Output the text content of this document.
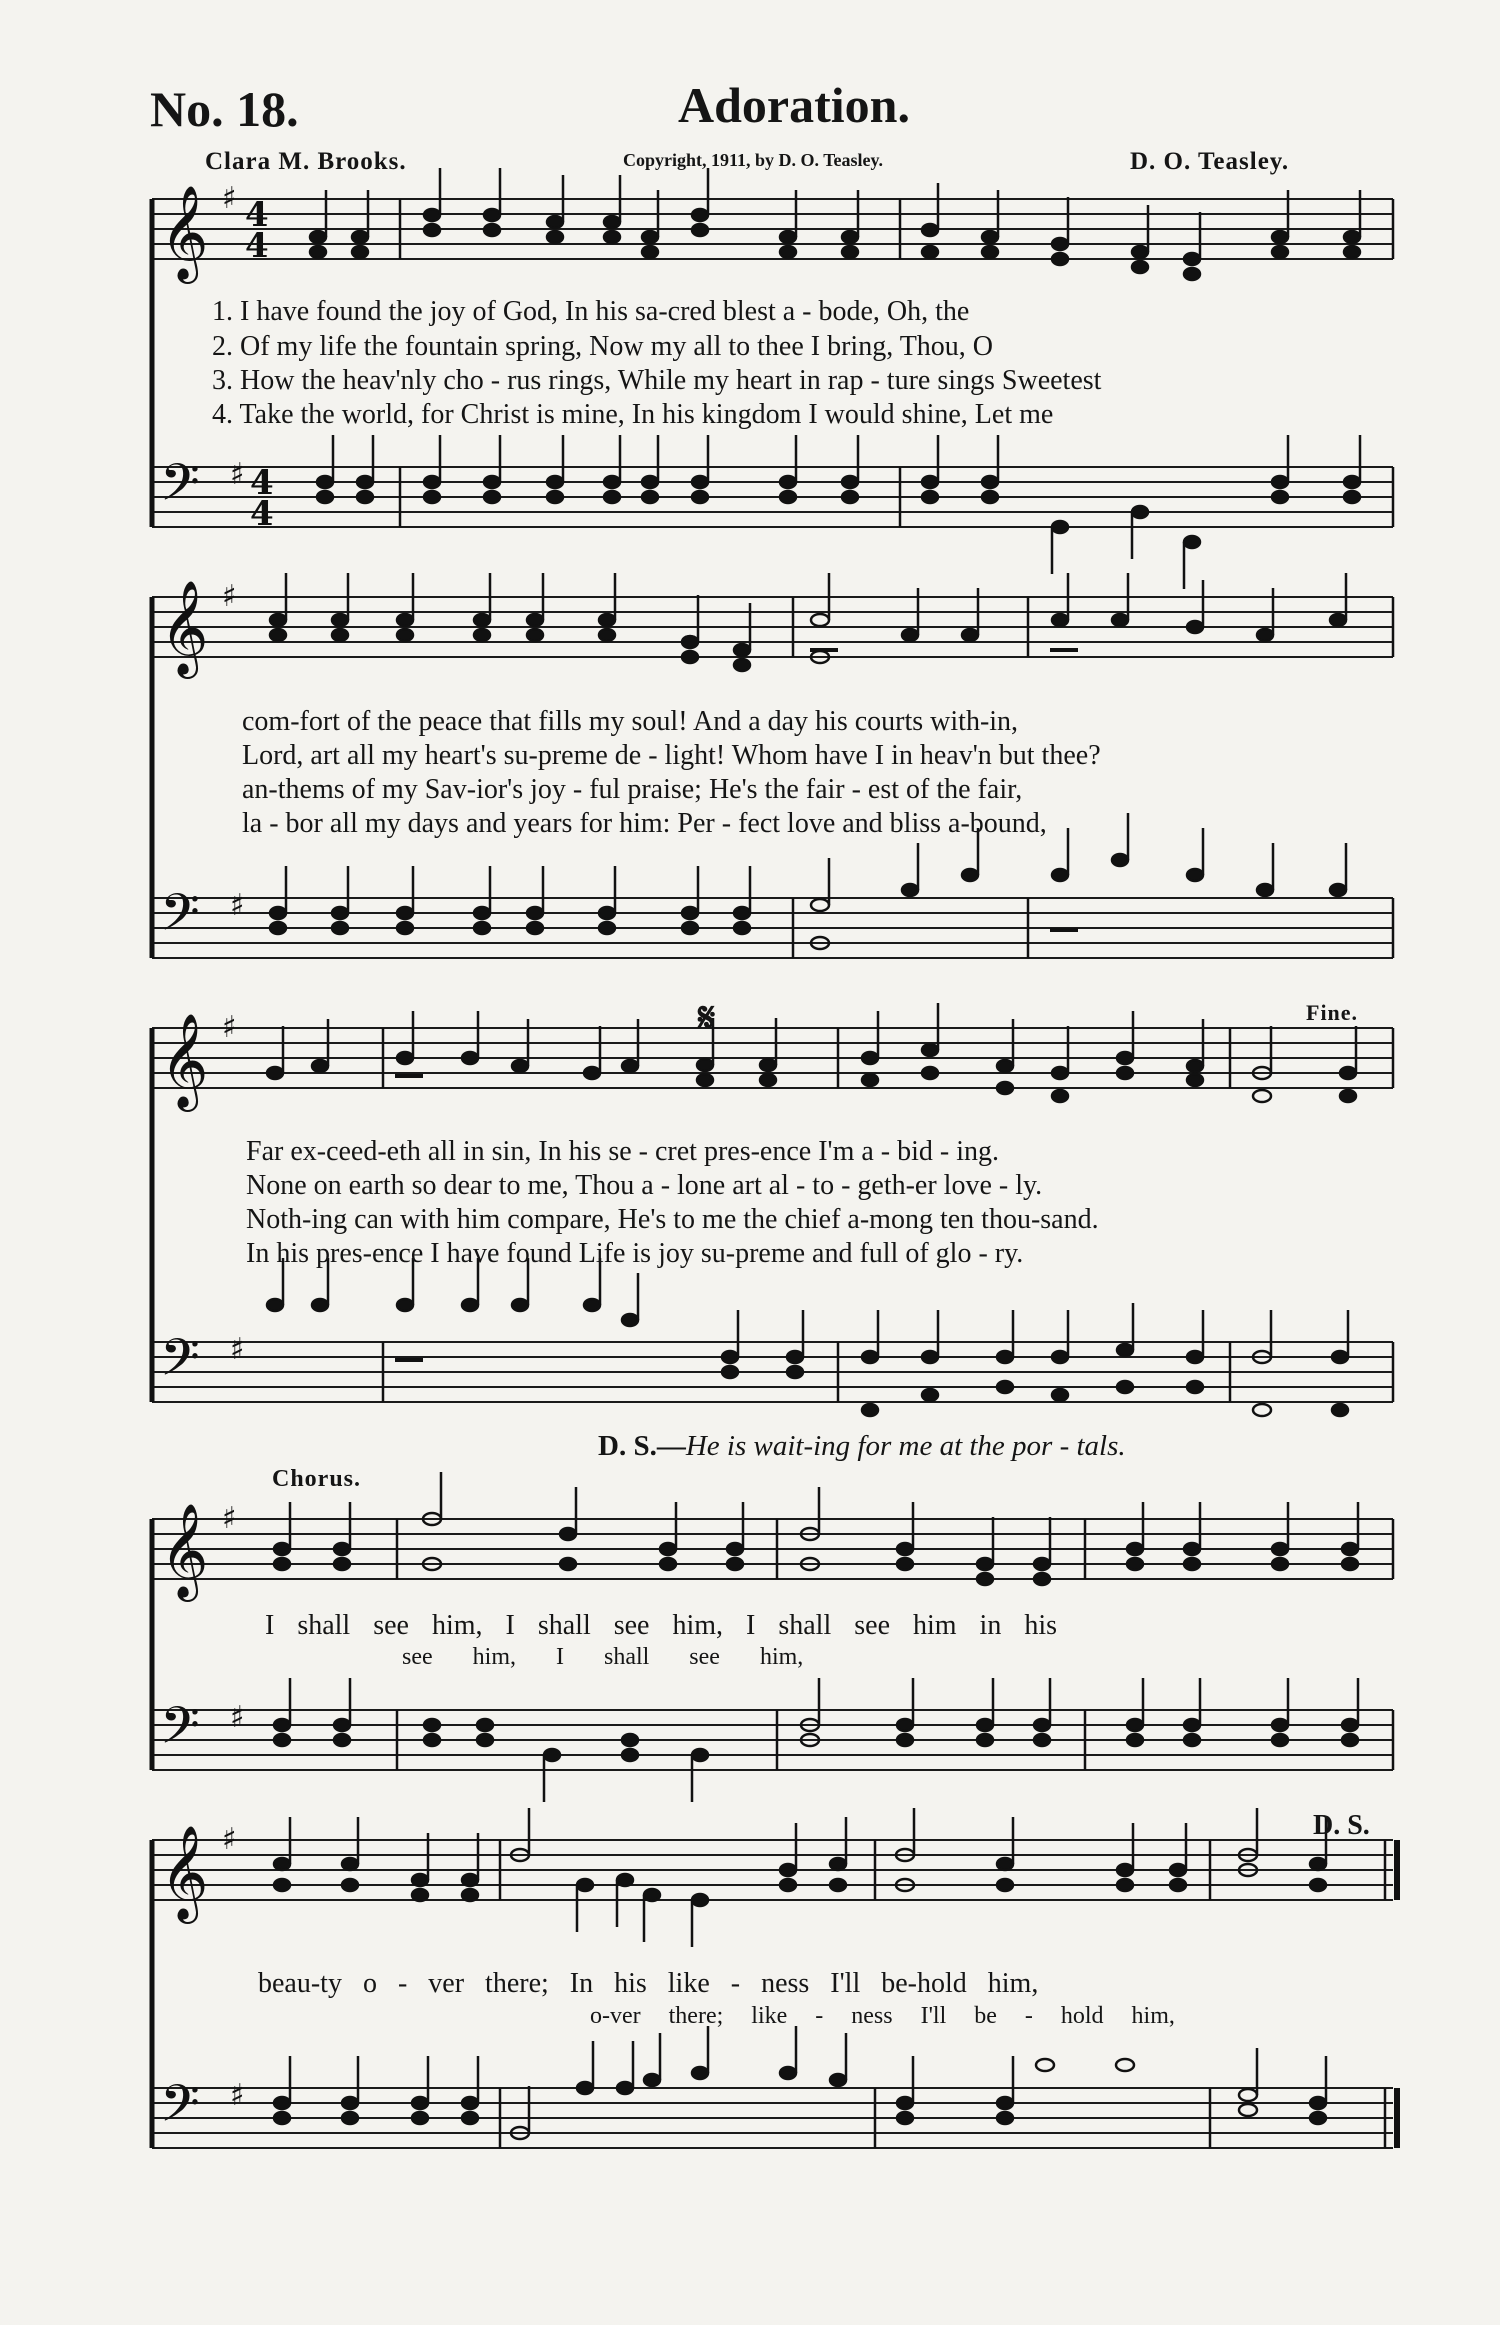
No. 18.	Adoration.
Clara M. Brooks.	Copyright, 1911, by D. O. Teasley.	D. O. Teasley.
𝄞
𝄢
𝄞
𝄢
𝄞
𝄢
𝄞
𝄢
𝄞
𝄢
♯
♯
♯
♯
♯
♯
♯
♯
♯
♯
4
4
4
4
𝄋	Fine.
Chorus.
D. S.
1. I have found the joy of God, In his sa-cred blest a - bode, Oh, the
2. Of my life the fountain spring, Now my all to thee I bring, Thou, O
3. How the heav'nly cho - rus rings, While my heart in rap - ture sings Sweetest
4. Take the world, for Christ is mine, In his kingdom I would shine, Let me
com-fort of the peace that fills my soul! And a day his courts with-in,
Lord, art all my heart's su-preme de - light! Whom have I in heav'n but thee?
an-thems of my Sav-ior's joy - ful praise; He's the fair - est of the fair,
la - bor all my days and years for him: Per - fect love and bliss a-bound,
Far ex-ceed-eth all in sin, In his se - cret pres-ence I'm a - bid - ing.
None on earth so dear to me, Thou a - lone art al - to - geth-er love - ly.
Noth-ing can with him compare, He's to me the chief a-mong ten thou-sand.
In his pres-ence I have found Life is joy su-preme and full of glo - ry.
D. S.—He is wait-ing for me at the por - tals.
I shall see him, I shall see him, I shall see him in his
see him, I shall see him,
beau-ty o - ver there; In his like - ness I'll be-hold him,
o-ver there; like - ness I'll be - hold him,
